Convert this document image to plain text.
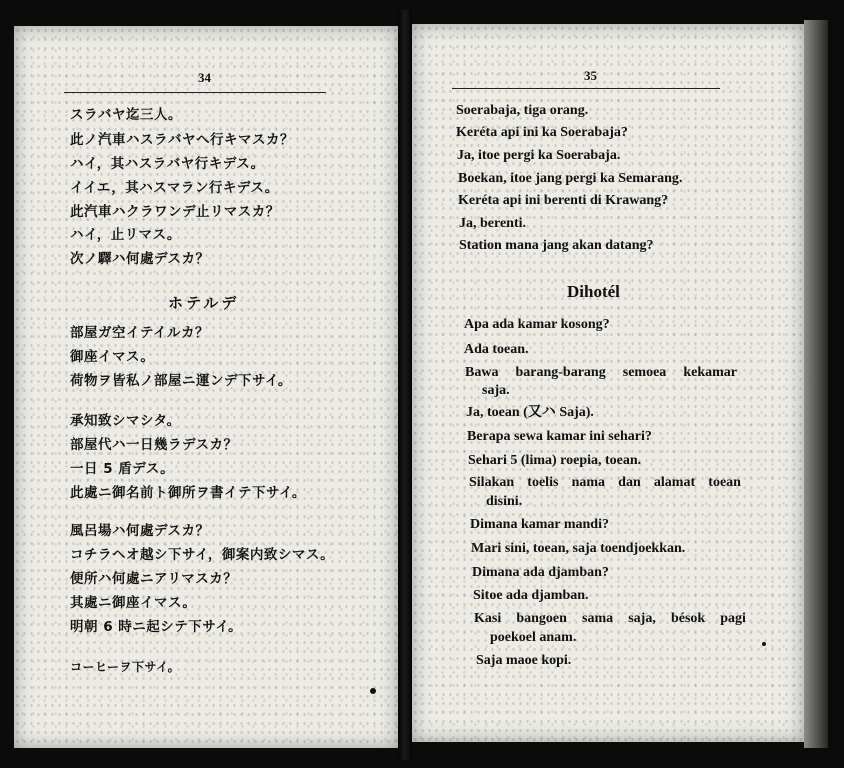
34
スラバヤ迄三人。
此ノ汽車ハスラバヤへ行キマスカ？
ハイ，其ハスラバヤ行キデス。
イイエ，其ハスマラン行キデス。
此汽車ハクラワンデ止リマスカ？
ハイ，止リマス。
次ノ驛ハ何處デスカ？
ホテルデ
部屋ガ空イテイルカ？
御座イマス。
荷物ヲ皆私ノ部屋ニ運ンデ下サイ。
承知致シマシタ。
部屋代ハ一日幾ラデスカ？
一日 5 盾デス。
此處ニ御名前ト御所ヲ書イテ下サイ。
風呂場ハ何處デスカ？
コチラヘオ越シ下サイ，御案内致シマス。
便所ハ何處ニアリマスカ？
其處ニ御座イマス。
明朝 6 時ニ起シテ下サイ。
コーヒーヲ下サイ。
35
Soerabaja, tiga orang.
Keréta api ini ka Soerabaja?
Ja, itoe pergi ka Soerabaja.
Boekan, itoe jang pergi ka Semarang.
Keréta api ini berenti di Krawang?
Ja, berenti.
Station mana jang akan datang?
Dihotél
Apa ada kamar kosong?
Ada toean.
Bawa barang-barang semoea kekamar
saja.
Ja, toean (又ハ Saja).
Berapa sewa kamar ini sehari?
Sehari 5 (lima) roepia, toean.
Silakan toelis nama dan alamat toean
disini.
Dimana kamar mandi?
Mari sini, toean, saja toendjoekkan.
Dimana ada djamban?
Sitoe ada djamban.
Kasi bangoen sama saja, bésok pagi
poekoel anam.
Saja maoe kopi.
